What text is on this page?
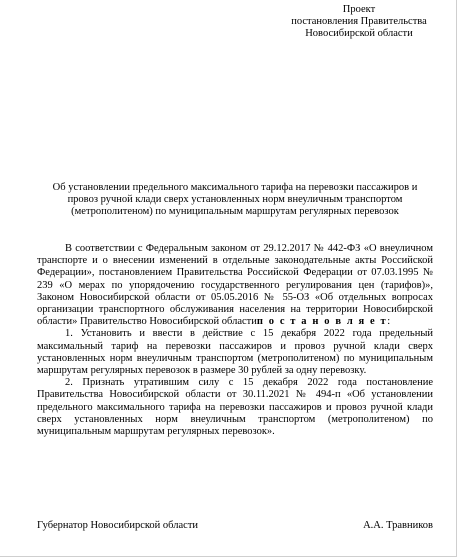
Проект
постановления Правительства
Новосибирской области
Об установлении предельного максимального тарифа на перевозки пассажиров и
провоз ручной клади сверх установленных норм внеуличным транспортом
(метрополитеном) по муниципальным маршрутам регулярных перевозок

В соответствии с Федеральным законом от 29.12.2017 № 442-ФЗ «О внеуличном транспорте и о внесении изменений в отдельные законодательные акты Российской Федерации», постановлением Правительства Российской Федерации от 07.03.1995 № 239 «О мерах по упорядочению государственного регулирования цен (тарифов)», Законом Новосибирской области от 05.05.2016 № 55-ОЗ «Об отдельных вопросах организации транспортного обслуживания населения на территории Новосибирской области» Правительство Новосибирской областип о с т а н о в л я е т:

1. Установить и ввести в действие с 15 декабря 2022 года предельный максимальный тариф на перевозки пассажиров и провоз ручной клади сверх установленных норм внеуличным транспортом (метрополитеном) по муниципальным маршрутам регулярных перевозок в размере 30 рублей за одну перевозку.

2. Признать утратившим силу с 15 декабря 2022 года постановление Правительства Новосибирской области от 30.11.2021 № 494-п «Об установлении предельного максимального тарифа на перевозки пассажиров и провоз ручной клади сверх установленных норм внеуличным транспортом (метрополитеном) по муниципальным маршрутам регулярных перевозок».

Губернатор Новосибирской области	А.А. Травников
